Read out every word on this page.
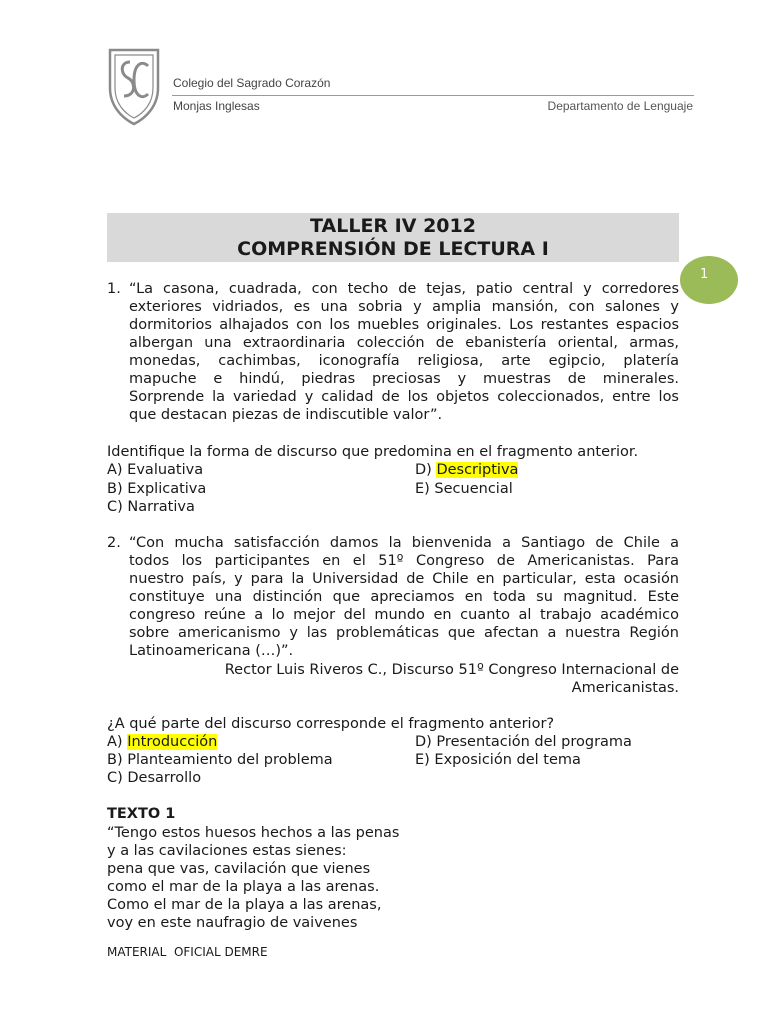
Colegio del Sagrado Corazón
Monjas Inglesas	Departamento de Lenguaje
TALLER IV 2012
COMPRENSIÓN DE LECTURA I
1
1. “La casona, cuadrada, con techo de tejas, patio central y corredores
exteriores vidriados, es una sobria y amplia mansión, con salones y
dormitorios alhajados con los muebles originales. Los restantes espacios
albergan una extraordinaria colección de ebanistería oriental, armas,
monedas, cachimbas, iconografía religiosa, arte egipcio, platería
mapuche e hindú, piedras preciosas y muestras de minerales.
Sorprende la variedad y calidad de los objetos coleccionados, entre los
que destacan piezas de indiscutible valor”.
Identifique la forma de discurso que predomina en el fragmento anterior.
A) Evaluativa
B) Explicativa
C) Narrativa
D) Descriptiva
E) Secuencial
2. “Con mucha satisfacción damos la bienvenida a Santiago de Chile a
todos los participantes en el 51º Congreso de Americanistas. Para
nuestro país, y para la Universidad de Chile en particular, esta ocasión
constituye una distinción que apreciamos en toda su magnitud. Este
congreso reúne a lo mejor del mundo en cuanto al trabajo académico
sobre americanismo y las problemáticas que afectan a nuestra Región
Latinoamericana (…)”.
Rector Luis Riveros C., Discurso 51º Congreso Internacional de
Americanistas.
¿A qué parte del discurso corresponde el fragmento anterior?
A) Introducción
B) Planteamiento del problema
C) Desarrollo
D) Presentación del programa
E) Exposición del tema
TEXTO 1
“Tengo estos huesos hechos a las penas
y a las cavilaciones estas sienes:
pena que vas, cavilación que vienes
como el mar de la playa a las arenas.
Como el mar de la playa a las arenas,
voy en este naufragio de vaivenes
MATERIAL  OFICIAL DEMRE
